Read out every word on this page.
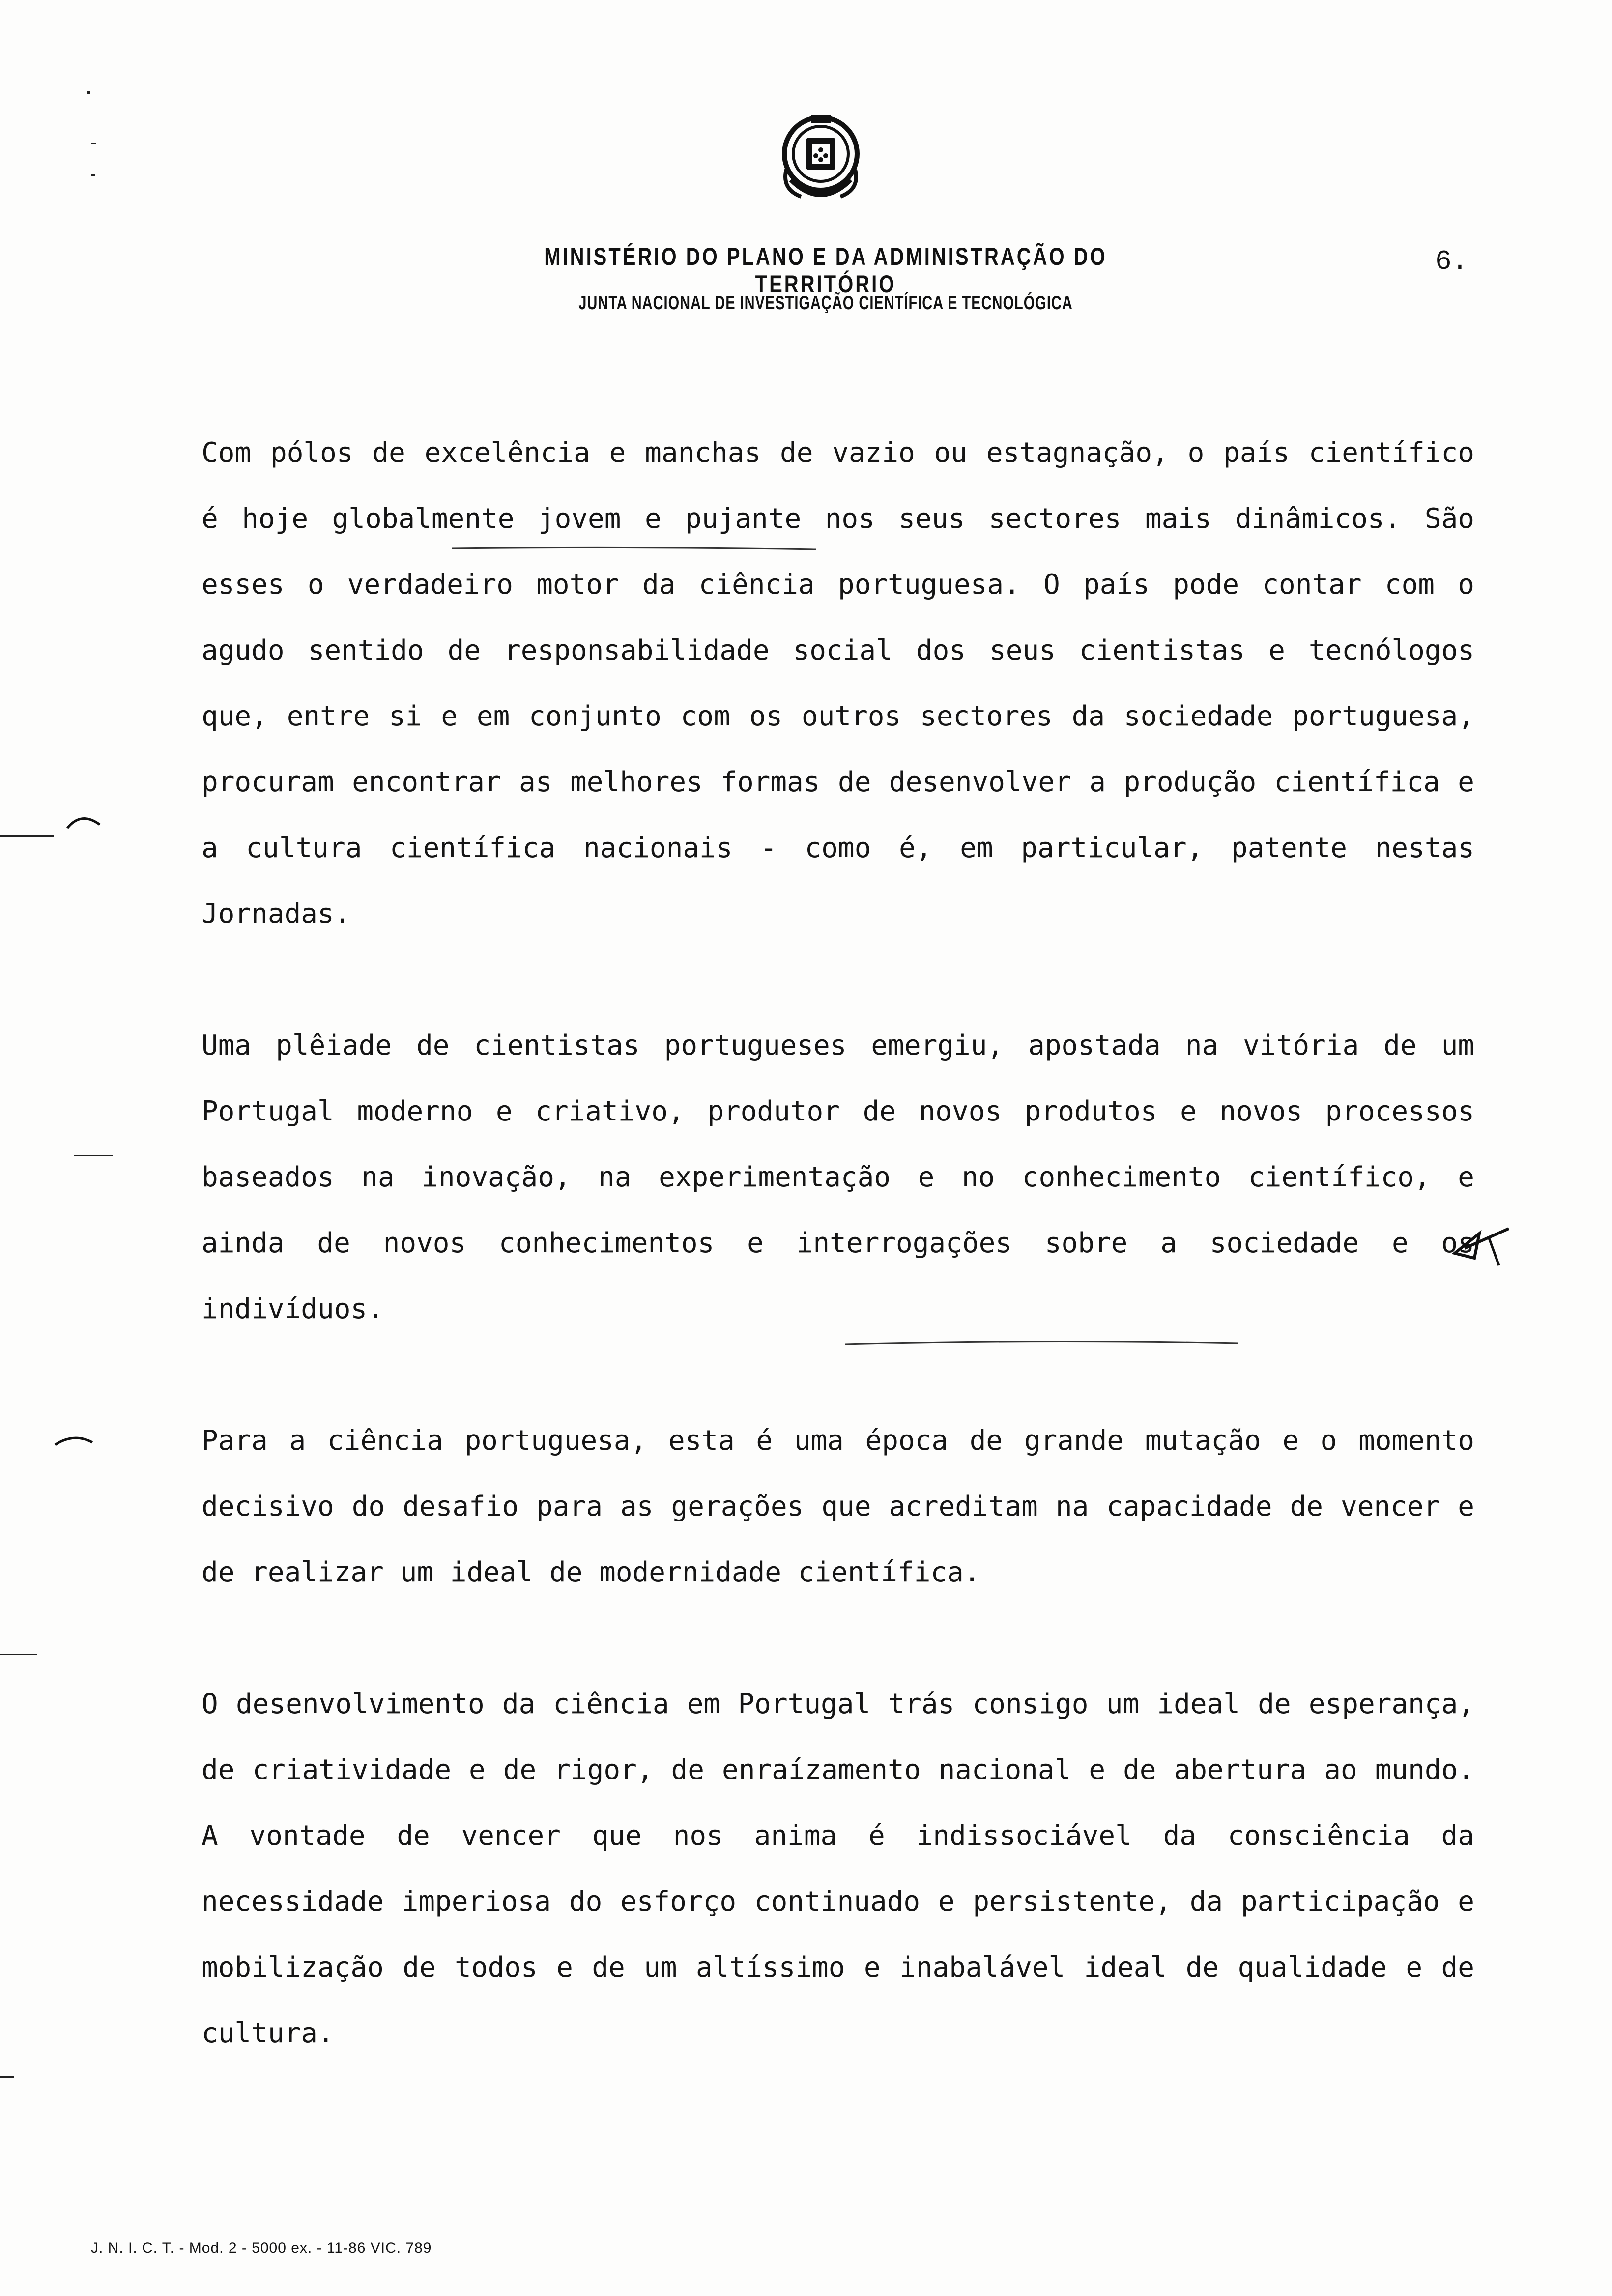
MINISTÉRIO DO PLANO E DA ADMINISTRAÇÃO DO TERRITÓRIO
JUNTA NACIONAL DE INVESTIGAÇÃO CIENTÍFICA E TECNOLÓGICA
6.

Com pólos de excelência e manchas de vazio ou estagnação, o país científico é hoje globalmente jovem e pujante nos seus sectores mais dinâmicos. São esses o verdadeiro motor da ciência portuguesa. O país pode contar com o agudo sentido de responsabilidade social dos seus cientistas e tecnólogos que, entre si e em conjunto com os outros sectores da sociedade portuguesa, procuram encontrar as melhores formas de desenvolver a produção científica e a cultura científica nacionais - como é, em particular, patente nestas Jornadas.

Uma plêiade de cientistas portugueses emergiu, apostada na vitória de um Portugal moderno e criativo, produtor de novos produtos e novos processos baseados na inovação, na experimentação e no conhecimento científico, e ainda de novos conhecimentos e interrogações sobre a sociedade e os indivíduos.

Para a ciência portuguesa, esta é uma época de grande mutação e o momento decisivo do desafio para as gerações que acreditam na capacidade de vencer e de realizar um ideal de modernidade científica.

O desenvolvimento da ciência em Portugal trás consigo um ideal de esperança, de criatividade e de rigor, de enraízamento nacional e de abertura ao mundo. A vontade de vencer que nos anima é indissociável da consciência da necessidade imperiosa do esforço continuado e persistente, da participação e mobilização de todos e de um altíssimo e inabalável ideal de qualidade e de cultura.

J. N. I. C. T. - Mod. 2 - 5000 ex. - 11-86 VIC. 789
